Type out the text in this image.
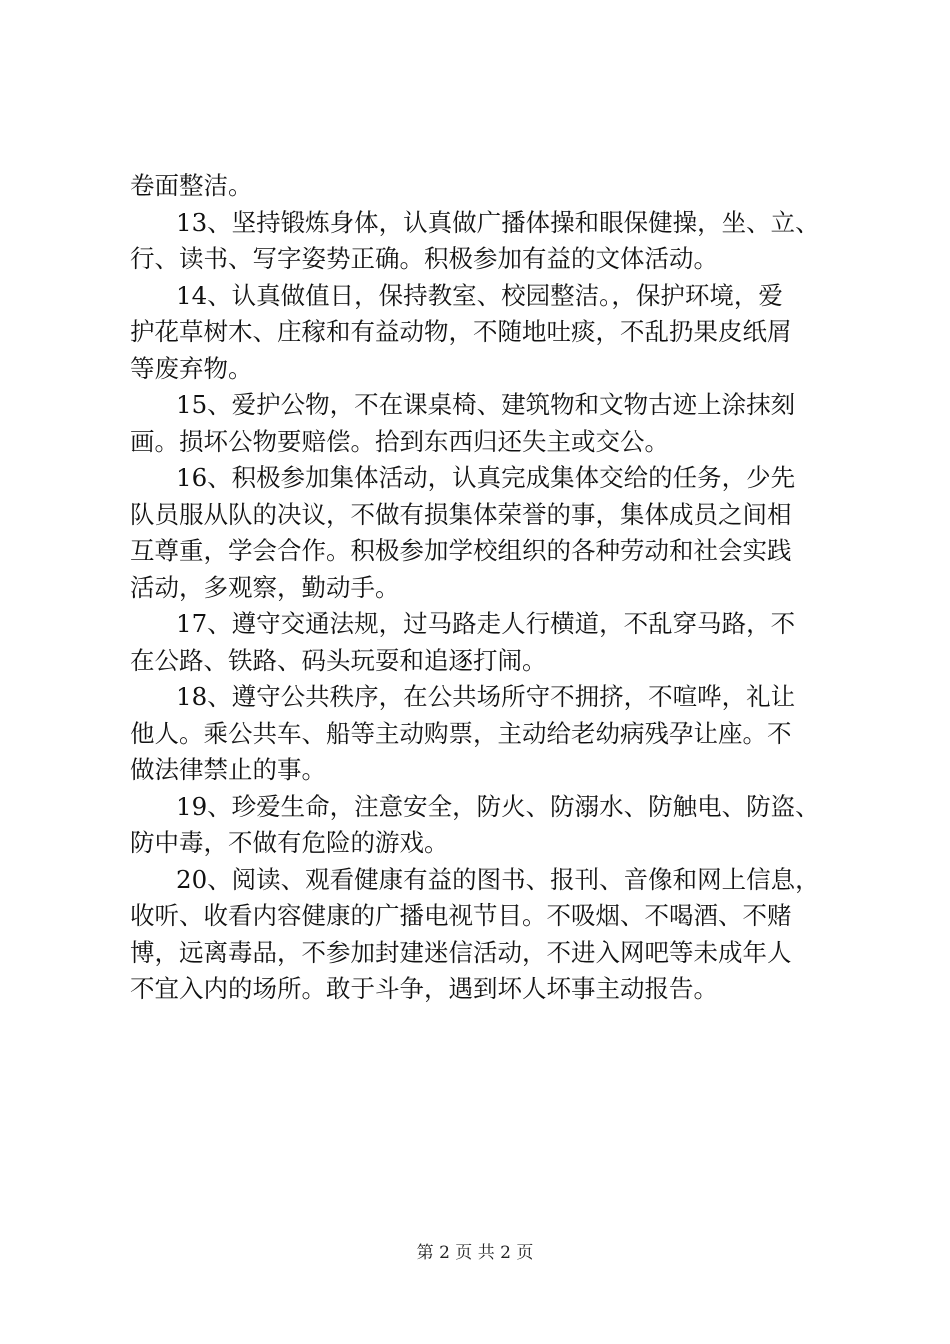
卷面整洁。
13、坚持锻炼身体，认真做广播体操和眼保健操，坐、立、
行、读书、写字姿势正确。积极参加有益的文体活动。
14、认真做值日，保持教室、校园整洁。，保护环境，爱
护花草树木、庄稼和有益动物，不随地吐痰，不乱扔果皮纸屑
等废弃物。
15、爱护公物，不在课桌椅、建筑物和文物古迹上涂抹刻
画。损坏公物要赔偿。拾到东西归还失主或交公。
16、积极参加集体活动，认真完成集体交给的任务，少先
队员服从队的决议，不做有损集体荣誉的事，集体成员之间相
互尊重，学会合作。积极参加学校组织的各种劳动和社会实践
活动，多观察，勤动手。
17、遵守交通法规，过马路走人行横道，不乱穿马路，不
在公路、铁路、码头玩耍和追逐打闹。
18、遵守公共秩序，在公共场所守不拥挤，不喧哗，礼让
他人。乘公共车、船等主动购票，主动给老幼病残孕让座。不
做法律禁止的事。
19、珍爱生命，注意安全，防火、防溺水、防触电、防盗、
防中毒，不做有危险的游戏。
20、阅读、观看健康有益的图书、报刊、音像和网上信息，
收听、收看内容健康的广播电视节目。不吸烟、不喝酒、不赌
博，远离毒品，不参加封建迷信活动，不进入网吧等未成年人
不宜入内的场所。敢于斗争，遇到坏人坏事主动报告。
第 2 页 共 2 页
